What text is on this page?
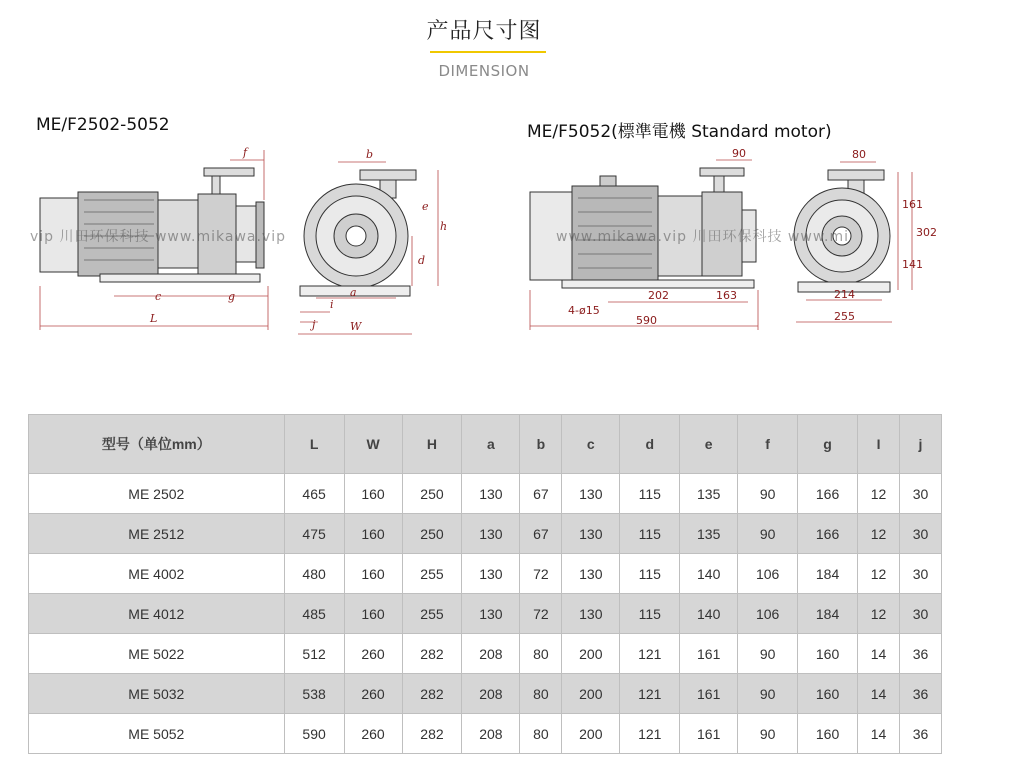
产品尺寸图
DIMENSION
ME/F2502-5052	ME/F5052(標準電機 Standard motor)
f
c	g
L
b
a
W
e
h
d
i
j
90
202	163
4-ø15
590
80
214
255
161
302
141
vip 川田环保科技 www.mikawa.vip	www.mikawa.vip 川田环保科技 www.mi
型号（单位mm）	L	W	H	a	b	c	d	e	f	g	I	j
ME 2502	465	160	250	130	67	130	115	135	90	166	12	30
ME 2512	475	160	250	130	67	130	115	135	90	166	12	30
ME 4002	480	160	255	130	72	130	115	140	106	184	12	30
ME 4012	485	160	255	130	72	130	115	140	106	184	12	30
ME 5022	512	260	282	208	80	200	121	161	90	160	14	36
ME 5032	538	260	282	208	80	200	121	161	90	160	14	36
ME 5052	590	260	282	208	80	200	121	161	90	160	14	36
